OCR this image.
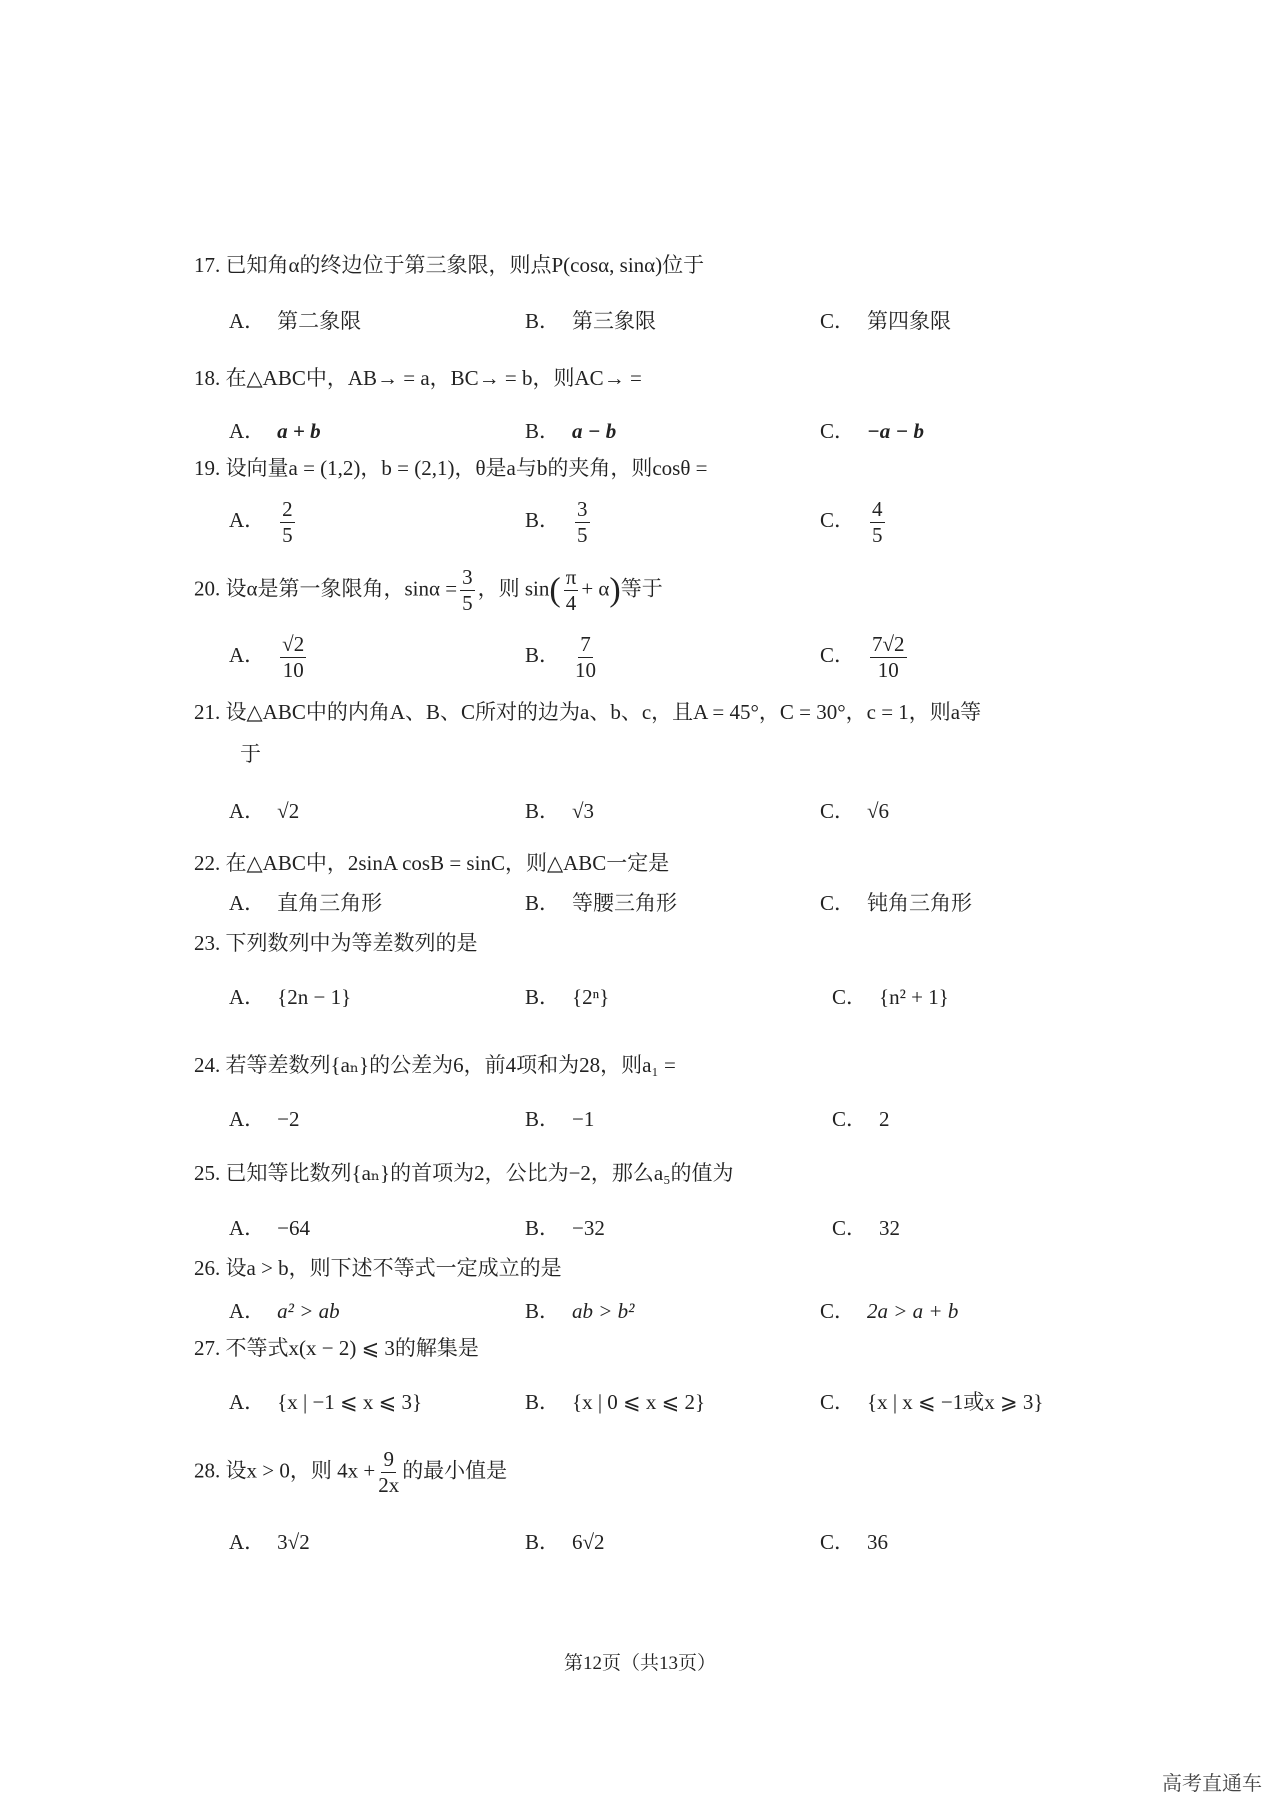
17. 已知角α的终边位于第三象限，则点P(cosα, sinα)位于
A． 第二象限	B． 第三象限	C． 第四象限
18. 在△ABC中，AB→ = a，BC→ = b，则AC→ =
A． a + b	B． a − b	C． −a − b
19. 设向量a = (1,2)，b = (2,1)，θ是a与b的夹角，则cosθ =
A． $\frac{2}{5}$	B． $\frac{3}{5}$	C． $\frac{4}{5}$
20. 设α是第一象限角，$\sin\alpha = \frac{3}{5}$ ，则 $\sin( \frac{\pi}{4} + \alpha)$等于
A． $\frac{√2}{10}$	B． $\frac{7}{10}$	C． $\frac{7√2}{10}$
21. 设△ABC中的内角A、B、C所对的边为a、b、c，且A = 45°，C = 30°，c = 1，则a等
于
A． √2	B． √3	C． √6
22. 在△ABC中，2sinA cosB = sinC，则△ABC一定是
A． 直角三角形	B． 等腰三角形	C． 钝角三角形
23. 下列数列中为等差数列的是
A． {2n − 1}	B． {2ⁿ}	C． {n² + 1}
24. 若等差数列{aₙ}的公差为6，前4项和为28，则a₁ =
A． −2	B． −1	C． 2
25. 已知等比数列{aₙ}的首项为2，公比为−2，那么a₅的值为
A． −64	B． −32	C． 32
26. 设a > b，则下述不等式一定成立的是
A． a² > ab	B． ab > b²	C． 2a > a + b
27. 不等式x(x − 2) ⩽ 3的解集是
A． {x | −1 ⩽ x ⩽ 3}	B． {x | 0 ⩽ x ⩽ 2}	C． {x | x ⩽ −1或x ⩾ 3}
28. 设x > 0，则 $4x + \frac{9}{2x}$ 的最小值是
A． 3√2	B． 6√2	C． 36
第12页（共13页）
高考直通车
